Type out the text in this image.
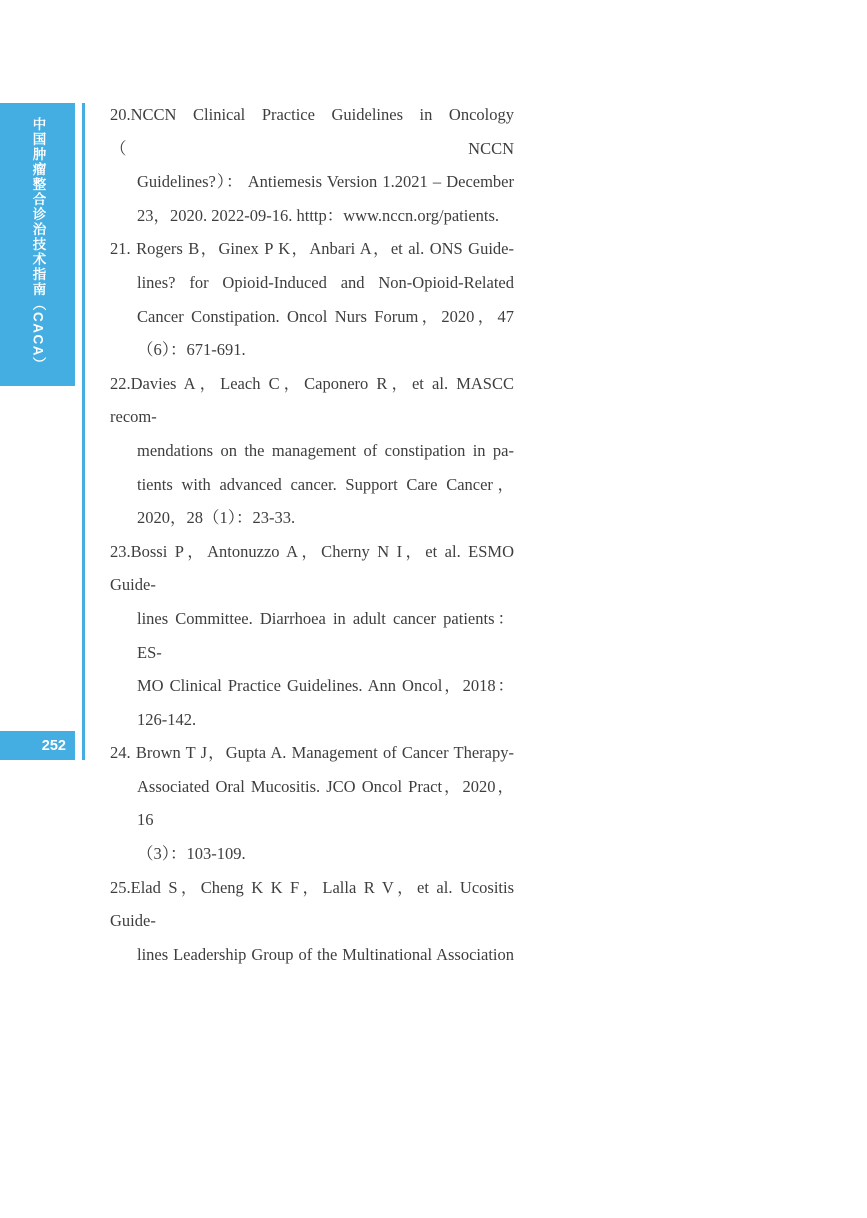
中国肿瘤整合诊治技术指南（CACA）
252
20.NCCN Clinical Practice Guidelines in Oncology （NCCN
Guidelines?）： Antiemesis Version 1.2021 – December
23，2020. 2022-09-16. htttp：www.nccn.org/patients.
21. Rogers B，Ginex P K，Anbari A，et al. ONS Guide-
lines? for Opioid-Induced and Non-Opioid-Related
Cancer Constipation. Oncol Nurs Forum，2020，47
（6）：671-691.
22.Davies A，Leach C，Caponero R，et al. MASCC recom-
mendations on the management of constipation in pa-
tients with advanced cancer. Support Care Cancer，
2020，28（1）：23-33.
23.Bossi P，Antonuzzo A，Cherny N I，et al. ESMO Guide-
lines Committee. Diarrhoea in adult cancer patients：ES-
MO Clinical Practice Guidelines. Ann Oncol，2018：
126-142.
24. Brown T J，Gupta A. Management of Cancer Therapy-
Associated Oral Mucositis. JCO Oncol Pract，2020，16
（3）：103-109.
25.Elad S，Cheng K K F，Lalla R V，et al. Ucositis Guide-
lines Leadership Group of the Multinational Association
